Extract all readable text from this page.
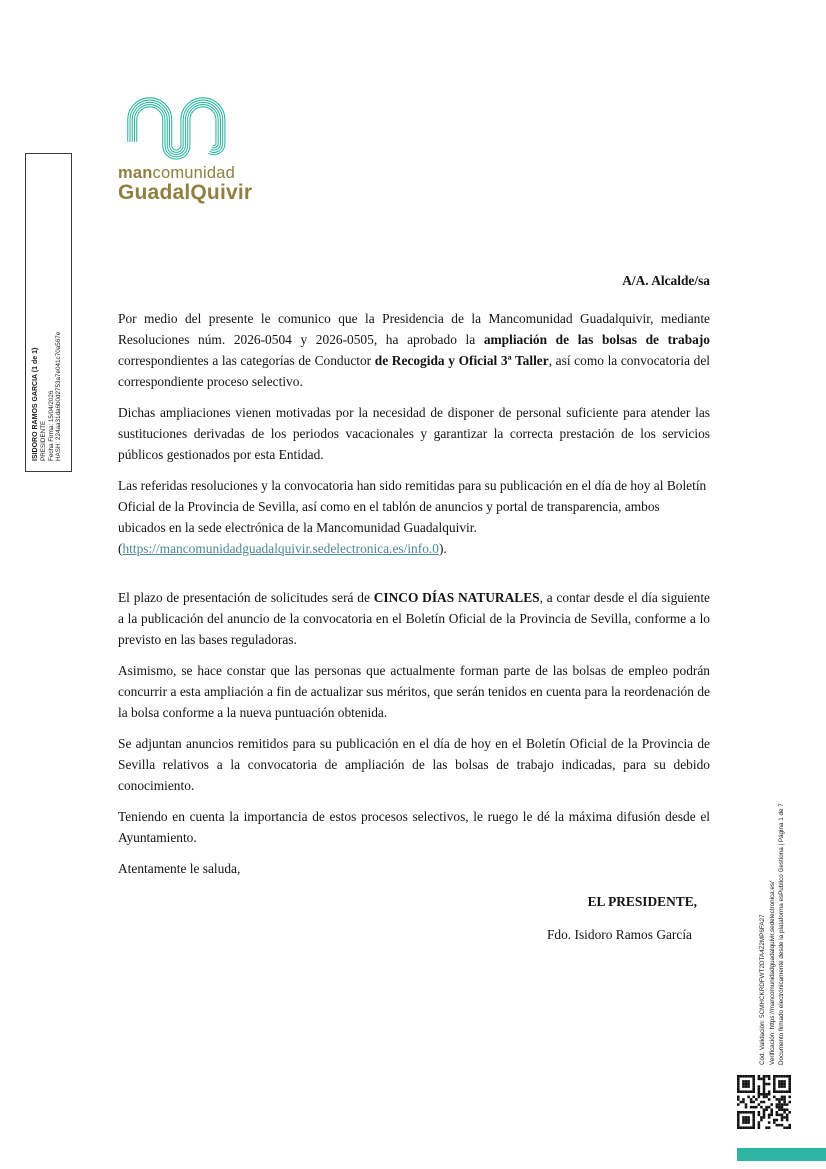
mancomunidad
GuadalQuivir
ISIDORO RAMOS GARCIA (1 de 1) PRESIDENTE Fecha Firma: 15/04/2026 HASH: 224aa31da6b0d2753a7e041c70a567e
A/A. Alcalde/sa

Por medio del presente le comunico que la Presidencia de la Mancomunidad Guadalquivir, mediante Resoluciones núm. 2026-0504 y 2026-0505, ha aprobado la ampliación de las bolsas de trabajo correspondientes a las categorías de Conductor de Recogida y Oficial 3ª Taller, así como la convocatoria del correspondiente proceso selectivo.

Dichas ampliaciones vienen motivadas por la necesidad de disponer de personal suficiente para atender las sustituciones derivadas de los periodos vacacionales y garantizar la correcta prestación de los servicios públicos gestionados por esta Entidad.

Las referidas resoluciones y la convocatoria han sido remitidas para su publicación en el día de hoy al Boletín Oficial de la Provincia de Sevilla, así como en el tablón de anuncios y portal de transparencia, ambos ubicados en la sede electrónica de la Mancomunidad Guadalquivir.
(https://mancomunidadguadalquivir.sedelectronica.es/info.0).

El plazo de presentación de solicitudes será de CINCO DÍAS NATURALES, a contar desde el día siguiente a la publicación del anuncio de la convocatoria en el Boletín Oficial de la Provincia de Sevilla, conforme a lo previsto en las bases reguladoras.

Asimismo, se hace constar que las personas que actualmente forman parte de las bolsas de empleo podrán concurrir a esta ampliación a fin de actualizar sus méritos, que serán tenidos en cuenta para la reordenación de la bolsa conforme a la nueva puntuación obtenida.

Se adjuntan anuncios remitidos para su publicación en el día de hoy en el Boletín Oficial de la Provincia de Sevilla relativos a la convocatoria de ampliación de las bolsas de trabajo indicadas, para su debido conocimiento.

Teniendo en cuenta la importancia de estos procesos selectivos, le ruego le dé la máxima difusión desde el Ayuntamiento.

Atentamente le saluda,
EL PRESIDENTE,
Fdo. Isidoro Ramos García	Cód. Validación: 5CMHCKRDFWT2DTA4Z2MP6FA27 Verificación: https://mancomunidadguadalquivir.sedelectronica.es/ Documento firmado electrónicamente desde la plataforma esPublico Gestiona | Página 1 de 7
